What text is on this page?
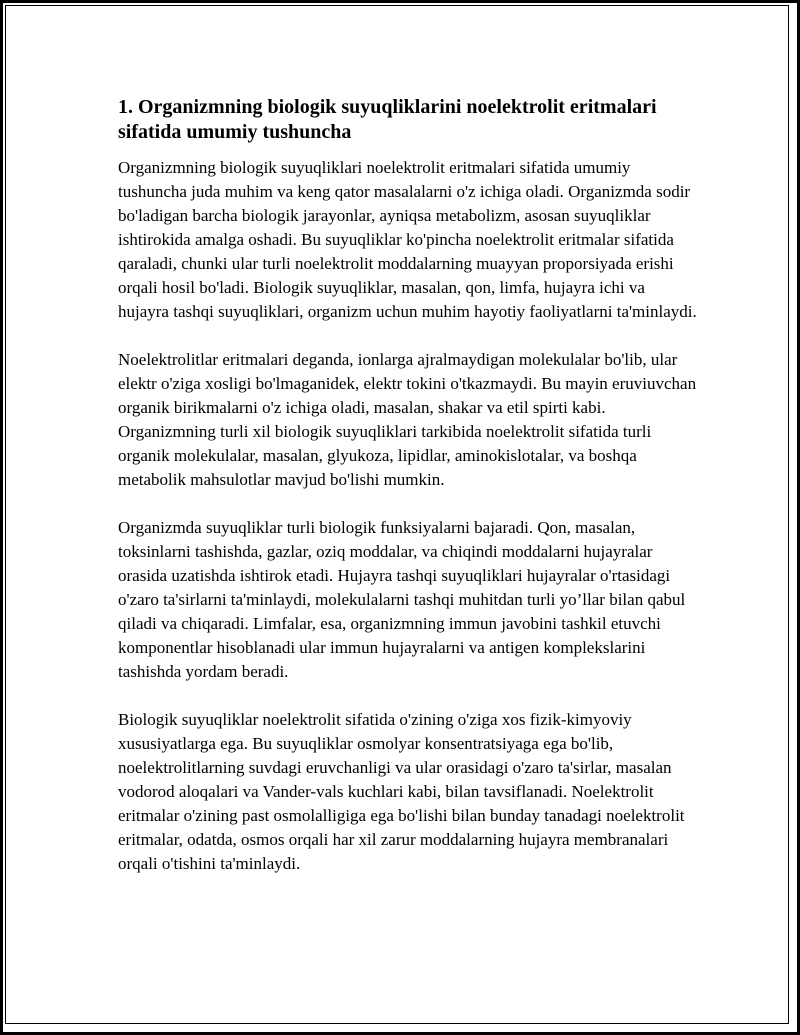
1. Organizmning biologik suyuqliklarini noelektrolit eritmalari sifatida umumiy tushuncha

Organizmning biologik suyuqliklari noelektrolit eritmalari sifatida umumiy tushuncha juda muhim va keng qator masalalarni o'z ichiga oladi. Organizmda sodir bo'ladigan barcha biologik jarayonlar, ayniqsa metabolizm, asosan suyuqliklar ishtirokida amalga oshadi. Bu suyuqliklar ko'pincha noelektrolit eritmalar sifatida qaraladi, chunki ular turli noelektrolit moddalarning muayyan proporsiyada erishi orqali hosil bo'ladi. Biologik suyuqliklar, masalan, qon, limfa, hujayra ichi va hujayra tashqi suyuqliklari, organizm uchun muhim hayotiy faoliyatlarni ta'minlaydi.

Noelektrolitlar eritmalari deganda, ionlarga ajralmaydigan molekulalar bo'lib, ular elektr o'ziga xosligi bo'lmaganidek, elektr tokini o'tkazmaydi. Bu mayin eruviuvchan organik birikmalarni o'z ichiga oladi, masalan, shakar va etil spirti kabi. Organizmning turli xil biologik suyuqliklari tarkibida noelektrolit sifatida turli organik molekulalar, masalan, glyukoza, lipidlar, aminokislotalar, va boshqa metabolik mahsulotlar mavjud bo'lishi mumkin.

Organizmda suyuqliklar turli biologik funksiyalarni bajaradi. Qon, masalan, toksinlarni tashishda, gazlar, oziq moddalar, va chiqindi moddalarni hujayralar orasida uzatishda ishtirok etadi. Hujayra tashqi suyuqliklari hujayralar o'rtasidagi o'zaro ta'sirlarni ta'minlaydi, molekulalarni tashqi muhitdan turli yo’llar bilan qabul qiladi va chiqaradi. Limfalar, esa, organizmning immun javobini tashkil etuvchi komponentlar hisoblanadi ular immun hujayralarni va antigen komplekslarini tashishda yordam beradi.

Biologik suyuqliklar noelektrolit sifatida o'zining o'ziga xos fizik-kimyoviy xususiyatlarga ega. Bu suyuqliklar osmolyar konsentratsiyaga ega bo'lib, noelektrolitlarning suvdagi eruvchanligi va ular orasidagi o'zaro ta'sirlar, masalan vodorod aloqalari va Vander-vals kuchlari kabi, bilan tavsiflanadi. Noelektrolit eritmalar o'zining past osmolalligiga ega bo'lishi bilan bunday tanadagi noelektrolit eritmalar, odatda, osmos orqali har xil zarur moddalarning hujayra membranalari orqali o'tishini ta'minlaydi.
